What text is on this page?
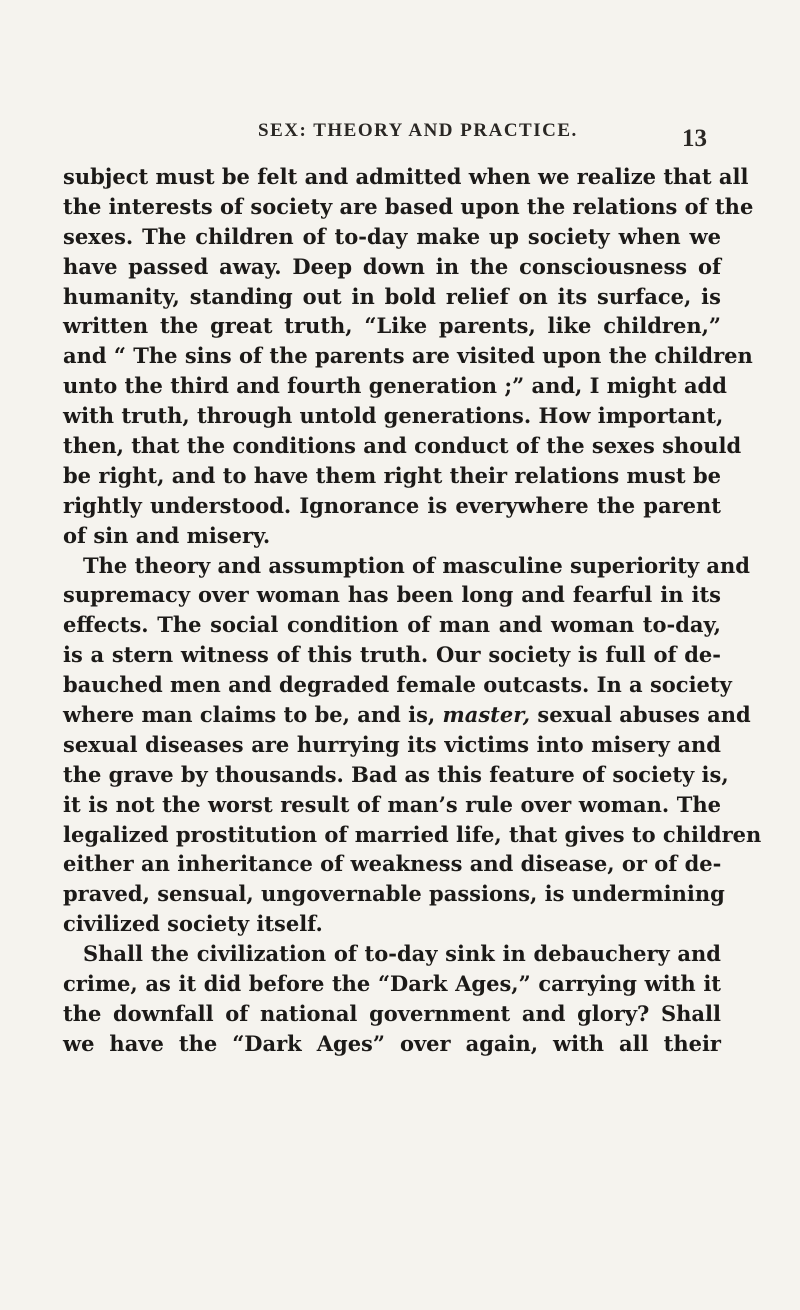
SEX: THEORY AND PRACTICE.	13
subject must be felt and admitted when we realize that all
the interests of society are based upon the relations of the
sexes. The children of to-day make up society when we
have passed away. Deep down in the consciousness of
humanity, standing out in bold relief on its surface, is
written the great truth, “Like parents, like children,”
and “ The sins of the parents are visited upon the children
unto the third and fourth generation ;” and, I might add
with truth, through untold generations. How important,
then, that the conditions and conduct of the sexes should
be right, and to have them right their relations must be
rightly understood. Ignorance is everywhere the parent
of sin and misery.
The theory and assumption of masculine superiority and
supremacy over woman has been long and fearful in its
effects. The social condition of man and woman to-day,
is a stern witness of this truth. Our society is full of de-
bauched men and degraded female outcasts. In a society
where man claims to be, and is, master, sexual abuses and
sexual diseases are hurrying its victims into misery and
the grave by thousands. Bad as this feature of society is,
it is not the worst result of man’s rule over woman. The
legalized prostitution of married life, that gives to children
either an inheritance of weakness and disease, or of de-
praved, sensual, ungovernable passions, is undermining
civilized society itself.
Shall the civilization of to-day sink in debauchery and
crime, as it did before the “Dark Ages,” carrying with it
the downfall of national government and glory? Shall
we have the “Dark Ages” over again, with all their
